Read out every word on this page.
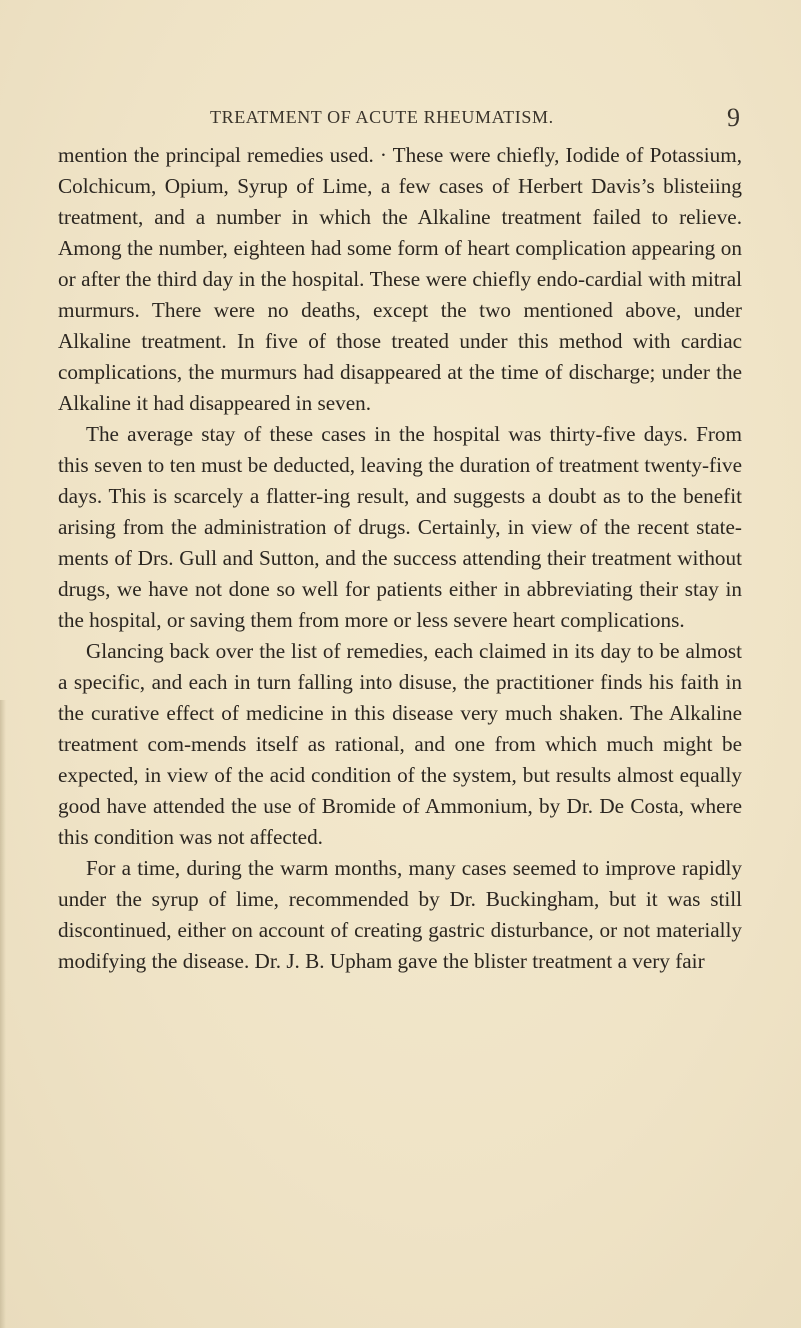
TREATMENT OF ACUTE RHEUMATISM.	9

mention the principal remedies used. · These were chiefly, Iodide of Potassium, Colchicum, Opium, Syrup of Lime, a few cases of Herbert Davis’s blisteiing treatment, and a number in which the Alkaline treatment failed to relieve. Among the number, eighteen had some form of heart complication appearing on or after the third day in the hospital. These were chiefly endo-cardial with mitral murmurs. There were no deaths, except the two mentioned above, under Alkaline treatment. In five of those treated under this method with cardiac complications, the murmurs had disappeared at the time of discharge; under the Alkaline it had disappeared in seven.

The average stay of these cases in the hospital was thirty-five days. From this seven to ten must be deducted, leaving the duration of treatment twenty-five days. This is scarcely a flatter-ing result, and suggests a doubt as to the benefit arising from the administration of drugs. Certainly, in view of the recent state-ments of Drs. Gull and Sutton, and the success attending their treatment without drugs, we have not done so well for patients either in abbreviating their stay in the hospital, or saving them from more or less severe heart complications.

Glancing back over the list of remedies, each claimed in its day to be almost a specific, and each in turn falling into disuse, the practitioner finds his faith in the curative effect of medicine in this disease very much shaken. The Alkaline treatment com-mends itself as rational, and one from which much might be expected, in view of the acid condition of the system, but results almost equally good have attended the use of Bromide of Ammonium, by Dr. De Costa, where this condition was not affected.

For a time, during the warm months, many cases seemed to improve rapidly under the syrup of lime, recommended by Dr. Buckingham, but it was still discontinued, either on account of creating gastric disturbance, or not materially modifying the disease. Dr. J. B. Upham gave the blister treatment a very fair
